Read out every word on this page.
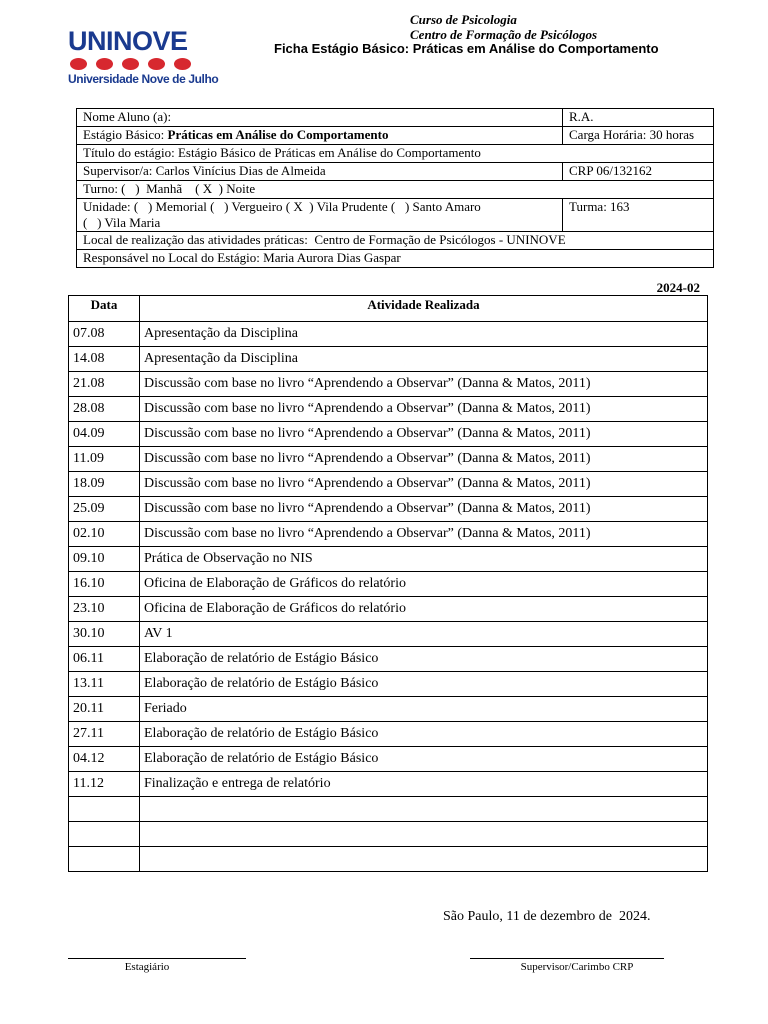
UNINOVE
Universidade Nove de Julho
Curso de Psicologia
Centro de Formação de Psicólogos
Ficha Estágio Básico: Práticas em Análise do Comportamento
Nome Aluno (a):	R.A.
Estágio Básico: Práticas em Análise do Comportamento	Carga Horária: 30 horas
Título do estágio: Estágio Básico de Práticas em Análise do Comportamento	
Supervisor/a: Carlos Vinícius Dias de Almeida	CRP 06/132162
Turno: (   )  Manhã    ( X  ) Noite	

Unidade: (   ) Memorial (   ) Vergueiro ( X  ) Vila Prudente (   ) Santo Amaro
(   ) Vila Maria	Turma: 163
Local de realização das atividades práticas:  Centro de Formação de Psicólogos - UNINOVE	
Responsável no Local do Estágio: Maria Aurora Dias Gaspar	
2024-02
Data	Atividade Realizada
07.08	Apresentação da Disciplina
14.08	Apresentação da Disciplina
21.08	Discussão com base no livro “Aprendendo a Observar” (Danna & Matos, 2011)
28.08	Discussão com base no livro “Aprendendo a Observar” (Danna & Matos, 2011)
04.09	Discussão com base no livro “Aprendendo a Observar” (Danna & Matos, 2011)
11.09	Discussão com base no livro “Aprendendo a Observar” (Danna & Matos, 2011)
18.09	Discussão com base no livro “Aprendendo a Observar” (Danna & Matos, 2011)
25.09	Discussão com base no livro “Aprendendo a Observar” (Danna & Matos, 2011)
02.10	Discussão com base no livro “Aprendendo a Observar” (Danna & Matos, 2011)
09.10	Prática de Observação no NIS
16.10	Oficina de Elaboração de Gráficos do relatório
23.10	Oficina de Elaboração de Gráficos do relatório
30.10	AV 1
06.11	Elaboração de relatório de Estágio Básico
13.11	Elaboração de relatório de Estágio Básico
20.11	Feriado
27.11	Elaboração de relatório de Estágio Básico
04.12	Elaboração de relatório de Estágio Básico
11.12	Finalização e entrega de relatório

São Paulo, 11 de dezembro de  2024.
Estagiário	Supervisor/Carimbo CRP
